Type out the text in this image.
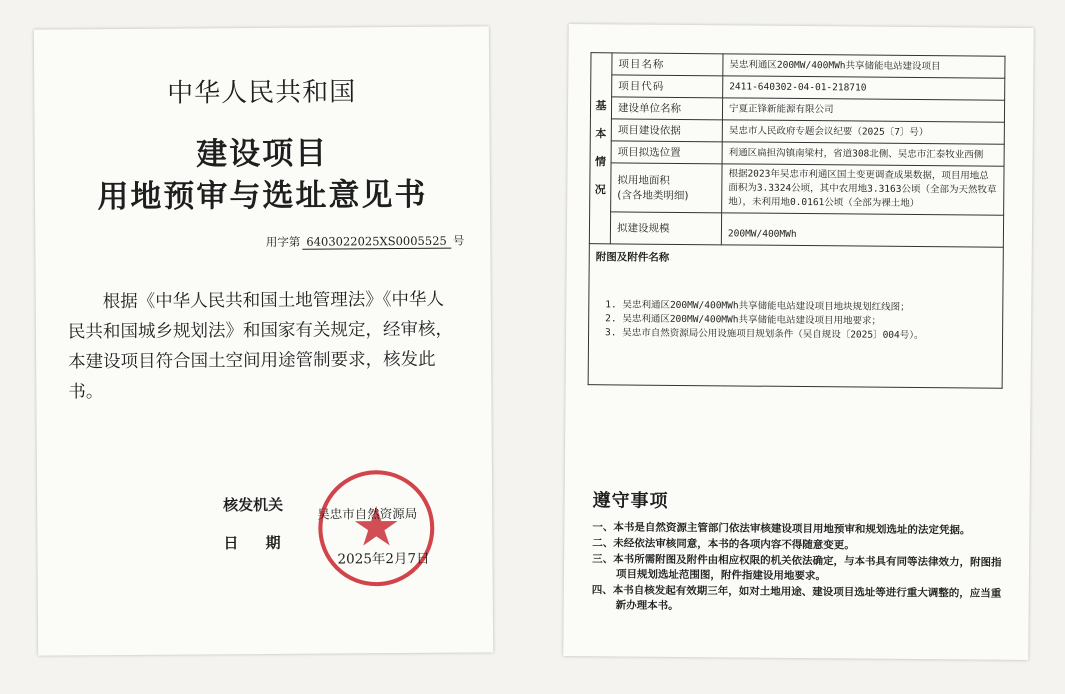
中华人民共和国
建设项目
用地预审与选址意见书
用字第 6403022025XS0005525 号
根据《中华人民共和国土地管理法》《中华人民共和国城乡规划法》和国家有关规定，经审核，本建设项目符合国土空间用途管制要求，核发此书。
核发机关
日 期
吴忠市自然资源局
2025年2月7日
基
本
情
况	项目名称	吴忠利通区200MW/400MWh共享储能电站建设项目
	项目代码	2411-640302-04-01-218710
	建设单位名称	宁夏正锋新能源有限公司
	项目建设依据	吴忠市人民政府专题会议纪要（2025〔7〕号）
	项目拟选位置	利通区扁担沟镇南梁村，省道308北侧、吴忠市汇泰牧业西侧
	拟用地面积
(含各地类明细)	根据2023年吴忠市利通区国土变更调查成果数据，项目用地总面积为3.3324公顷，其中农用地3.3163公顷（全部为天然牧草地），未利用地0.0161公顷（全部为裸土地）
	拟建设规模	200MW/400MWh

附图及附件名称
1. 吴忠利通区200MW/400MWh共享储能电站建设项目地块规划红线图；
2. 吴忠利通区200MW/400MWh共享储能电站建设项目用地要求；
3. 吴忠市自然资源局公用设施项目规划条件（吴自规设〔2025〕004号）。		
遵守事项
一、本书是自然资源主管部门依法审核建设项目用地预审和规划选址的法定凭据。
二、未经依法审核同意，本书的各项内容不得随意变更。
三、本书所需附图及附件由相应权限的机关依法确定，与本书具有同等法律效力，附图指项目规划选址范围图，附件指建设用地要求。
四、本书自核发起有效期三年，如对土地用途、建设项目选址等进行重大调整的，应当重新办理本书。
